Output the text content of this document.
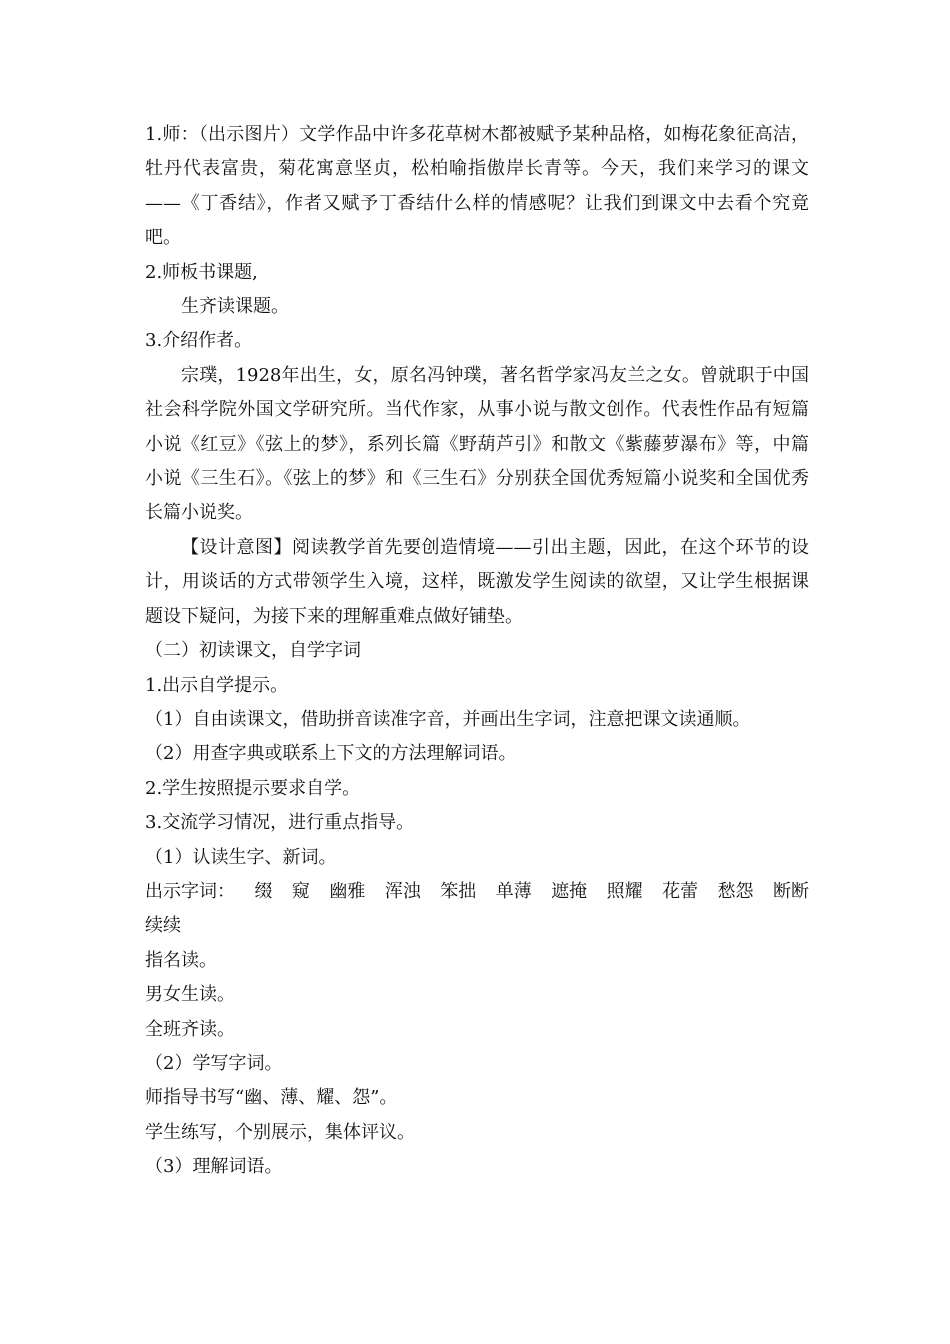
1.师：（出示图片）文学作品中许多花草树木都被赋予某种品格，如梅花象征高洁，牡丹代表富贵，菊花寓意坚贞，松柏喻指傲岸长青等。今天，我们来学习的课文——《丁香结》，作者又赋予丁香结什么样的情感呢？让我们到课文中去看个究竟吧。

2.师板书课题,

生齐读课题。

3.介绍作者。

宗璞，1928年出生，女，原名冯钟璞，著名哲学家冯友兰之女。曾就职于中国社会科学院外国文学研究所。当代作家，从事小说与散文创作。代表性作品有短篇小说《红豆》《弦上的梦》，系列长篇《野葫芦引》和散文《紫藤萝瀑布》等，中篇小说《三生石》。《弦上的梦》和《三生石》分别获全国优秀短篇小说奖和全国优秀长篇小说奖。

【设计意图】阅读教学首先要创造情境——引出主题，因此，在这个环节的设计，用谈话的方式带领学生入境，这样，既激发学生阅读的欲望，又让学生根据课题设下疑问，为接下来的理解重难点做好铺垫。

（二）初读课文，自学字词

1.出示自学提示。

（1）自由读课文，借助拼音读准字音，并画出生字词，注意把课文读通顺。

（2）用查字典或联系上下文的方法理解词语。

2.学生按照提示要求自学。

3.交流学习情况，进行重点指导。

（1）认读生字、新词。

出示字词： 缀 窥 幽雅 浑浊 笨拙 单薄 遮掩 照耀 花蕾 愁怨 断断

续续

指名读。

男女生读。

全班齐读。

（2）学写字词。

师指导书写“幽、薄、耀、怨”。

学生练写，个别展示，集体评议。

（3）理解词语。
